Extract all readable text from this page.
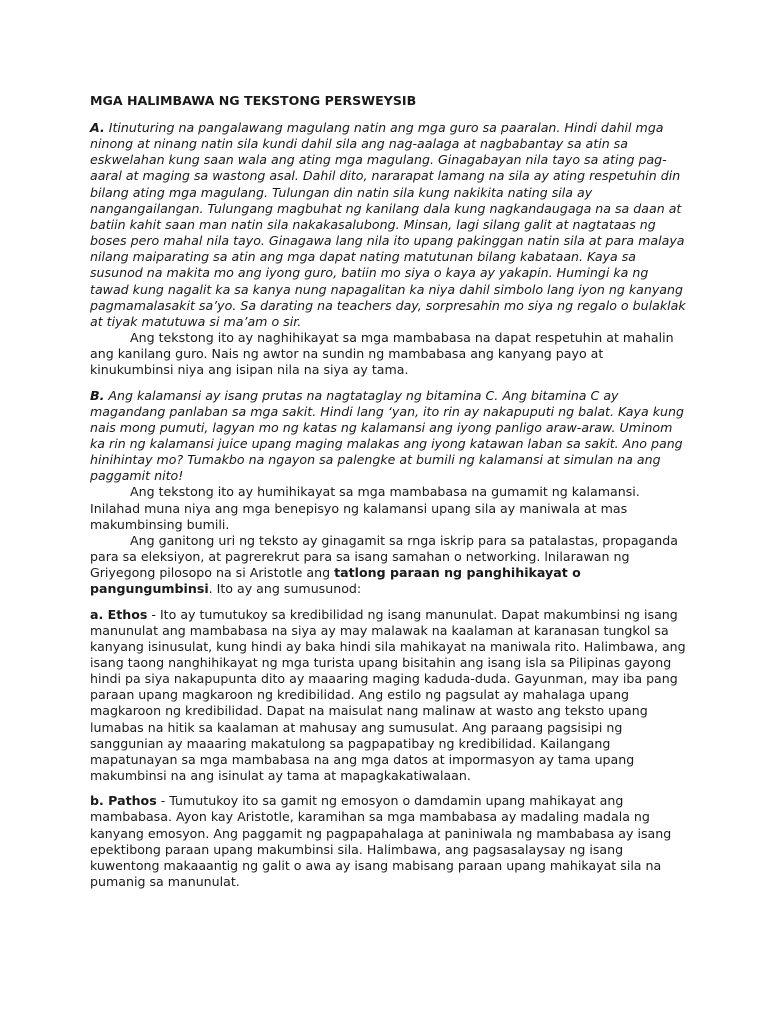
MGA HALIMBAWA NG TEKSTONG PERSWEYSIB

A. Itinuturing na pangalawang magulang natin ang mga guro sa paaralan. Hindi dahil mga ninong at ninang natin sila kundi dahil sila ang nag-aalaga at nagbabantay sa atin sa eskwelahan kung saan wala ang ating mga magulang. Ginagabayan nila tayo sa ating pag-aaral at maging sa wastong asal. Dahil dito, nararapat lamang na sila ay ating respetuhin din bilang ating mga magulang. Tulungan din natin sila kung nakikita nating sila ay nangangailangan. Tulungang magbuhat ng kanilang dala kung nagkandaugaga na sa daan at batiin kahit saan man natin sila nakakasalubong. Minsan, lagi silang galit at nagtataas ng boses pero mahal nila tayo. Ginagawa lang nila ito upang pakinggan natin sila at para malaya nilang maiparating sa atin ang mga dapat nating matutunan bilang kabataan. Kaya sa susunod na makita mo ang iyong guro, batiin mo siya o kaya ay yakapin. Humingi ka ng tawad kung nagalit ka sa kanya nung napagalitan ka niya dahil simbolo lang iyon ng kanyang pagmamalasakit sa’yo. Sa darating na teachers day, sorpresahin mo siya ng regalo o bulaklak at tiyak matutuwa si ma’am o sir.

Ang tekstong ito ay naghihikayat sa mga mambabasa na dapat respetuhin at mahalin ang kanilang guro. Nais ng awtor na sundin ng mambabasa ang kanyang payo at kinukumbinsi niya ang isipan nila na siya ay tama.

B. Ang kalamansi ay isang prutas na nagtataglay ng bitamina C. Ang bitamina C ay magandang panlaban sa mga sakit. Hindi lang ‘yan, ito rin ay nakapuputi ng balat. Kaya kung nais mong pumuti, lagyan mo ng katas ng kalamansi ang iyong panligo araw-araw. Uminom ka rin ng kalamansi juice upang maging malakas ang iyong katawan laban sa sakit. Ano pang hinihintay mo? Tumakbo na ngayon sa palengke at bumili ng kalamansi at simulan na ang paggamit nito!

Ang tekstong ito ay humihikayat sa mga mambabasa na gumamit ng kalamansi. Inilahad muna niya ang mga benepisyo ng kalamansi upang sila ay maniwala at mas makumbinsing bumili.

Ang ganitong uri ng teksto ay ginagamit sa rnga iskrip para sa patalastas, propaganda para sa eleksiyon, at pagrerekrut para sa isang samahan o networking. lnilarawan ng Griyegong pilosopo na si Aristotle ang tatlong paraan ng panghihikayat o pangungumbinsi. Ito ay ang sumusunod:

a. Ethos - Ito ay tumutukoy sa kredibilidad ng isang manunulat. Dapat makumbinsi ng isang manunulat ang mambabasa na siya ay may malawak na kaalaman at karanasan tungkol sa kanyang isinusulat, kung hindi ay baka hindi sila mahikayat na maniwala rito. Halimbawa, ang isang taong nanghihikayat ng mga turista upang bisitahin ang isang isla sa Pilipinas gayong hindi pa siya nakapupunta dito ay maaaring maging kaduda-duda. Gayunman, may iba pang paraan upang magkaroon ng kredibilidad. Ang estilo ng pagsulat ay mahalaga upang magkaroon ng kredibilidad. Dapat na maisulat nang malinaw at wasto ang teksto upang lumabas na hitik sa kaalaman at mahusay ang sumusulat. Ang paraang pagsisipi ng sanggunian ay maaaring makatulong sa pagpapatibay ng kredibilidad. Kailangang mapatunayan sa mga mambabasa na ang mga datos at impormasyon ay tama upang makumbinsi na ang isinulat ay tama at mapagkakatiwalaan.

b. Pathos - Tumutukoy ito sa gamit ng emosyon o damdamin upang mahikayat ang mambabasa. Ayon kay Aristotle, karamihan sa mga mambabasa ay madaling madala ng kanyang emosyon. Ang paggamit ng pagpapahalaga at paniniwala ng mambabasa ay isang epektibong paraan upang makumbinsi sila. Halimbawa, ang pagsasalaysay ng isang kuwentong makaaantig ng galit o awa ay isang mabisang paraan upang mahikayat sila na pumanig sa manunulat.
